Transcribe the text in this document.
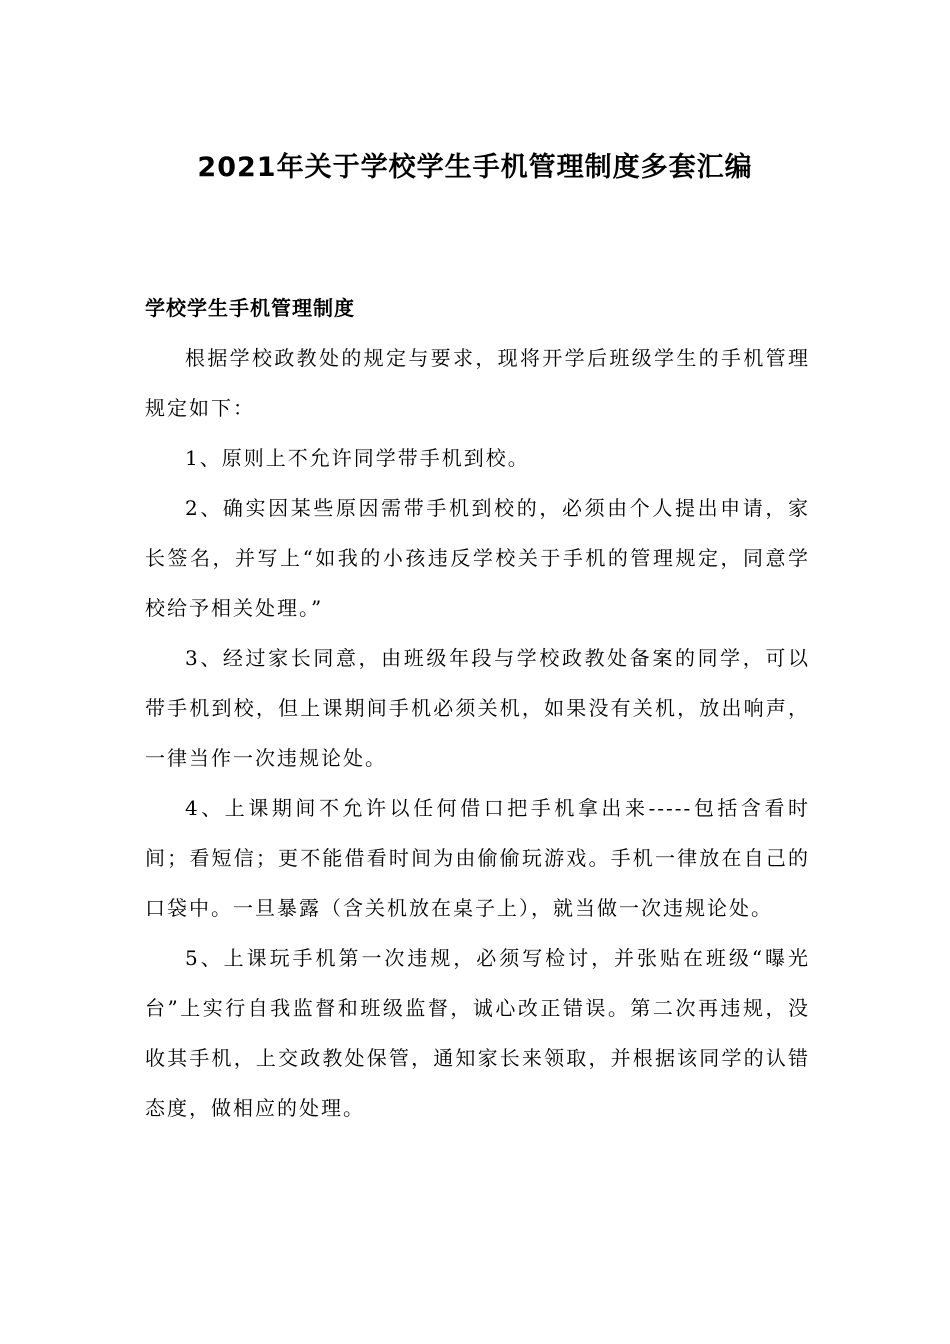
2021年关于学校学生手机管理制度多套汇编

学校学生手机管理制度

根据学校政教处的规定与要求，现将开学后班级学生的手机管理规定如下：

1、原则上不允许同学带手机到校。

2、确实因某些原因需带手机到校的，必须由个人提出申请，家长签名，并写上“如我的小孩违反学校关于手机的管理规定，同意学校给予相关处理。”

3、经过家长同意，由班级年段与学校政教处备案的同学，可以带手机到校，但上课期间手机必须关机，如果没有关机，放出响声，一律当作一次违规论处。

4、上课期间不允许以任何借口把手机拿出来-----包括含看时间；看短信；更不能借看时间为由偷偷玩游戏。手机一律放在自己的口袋中。一旦暴露（含关机放在桌子上），就当做一次违规论处。

5、上课玩手机第一次违规，必须写检讨，并张贴在班级“曝光台”上实行自我监督和班级监督，诚心改正错误。第二次再违规，没收其手机，上交政教处保管，通知家长来领取，并根据该同学的认错态度，做相应的处理。
